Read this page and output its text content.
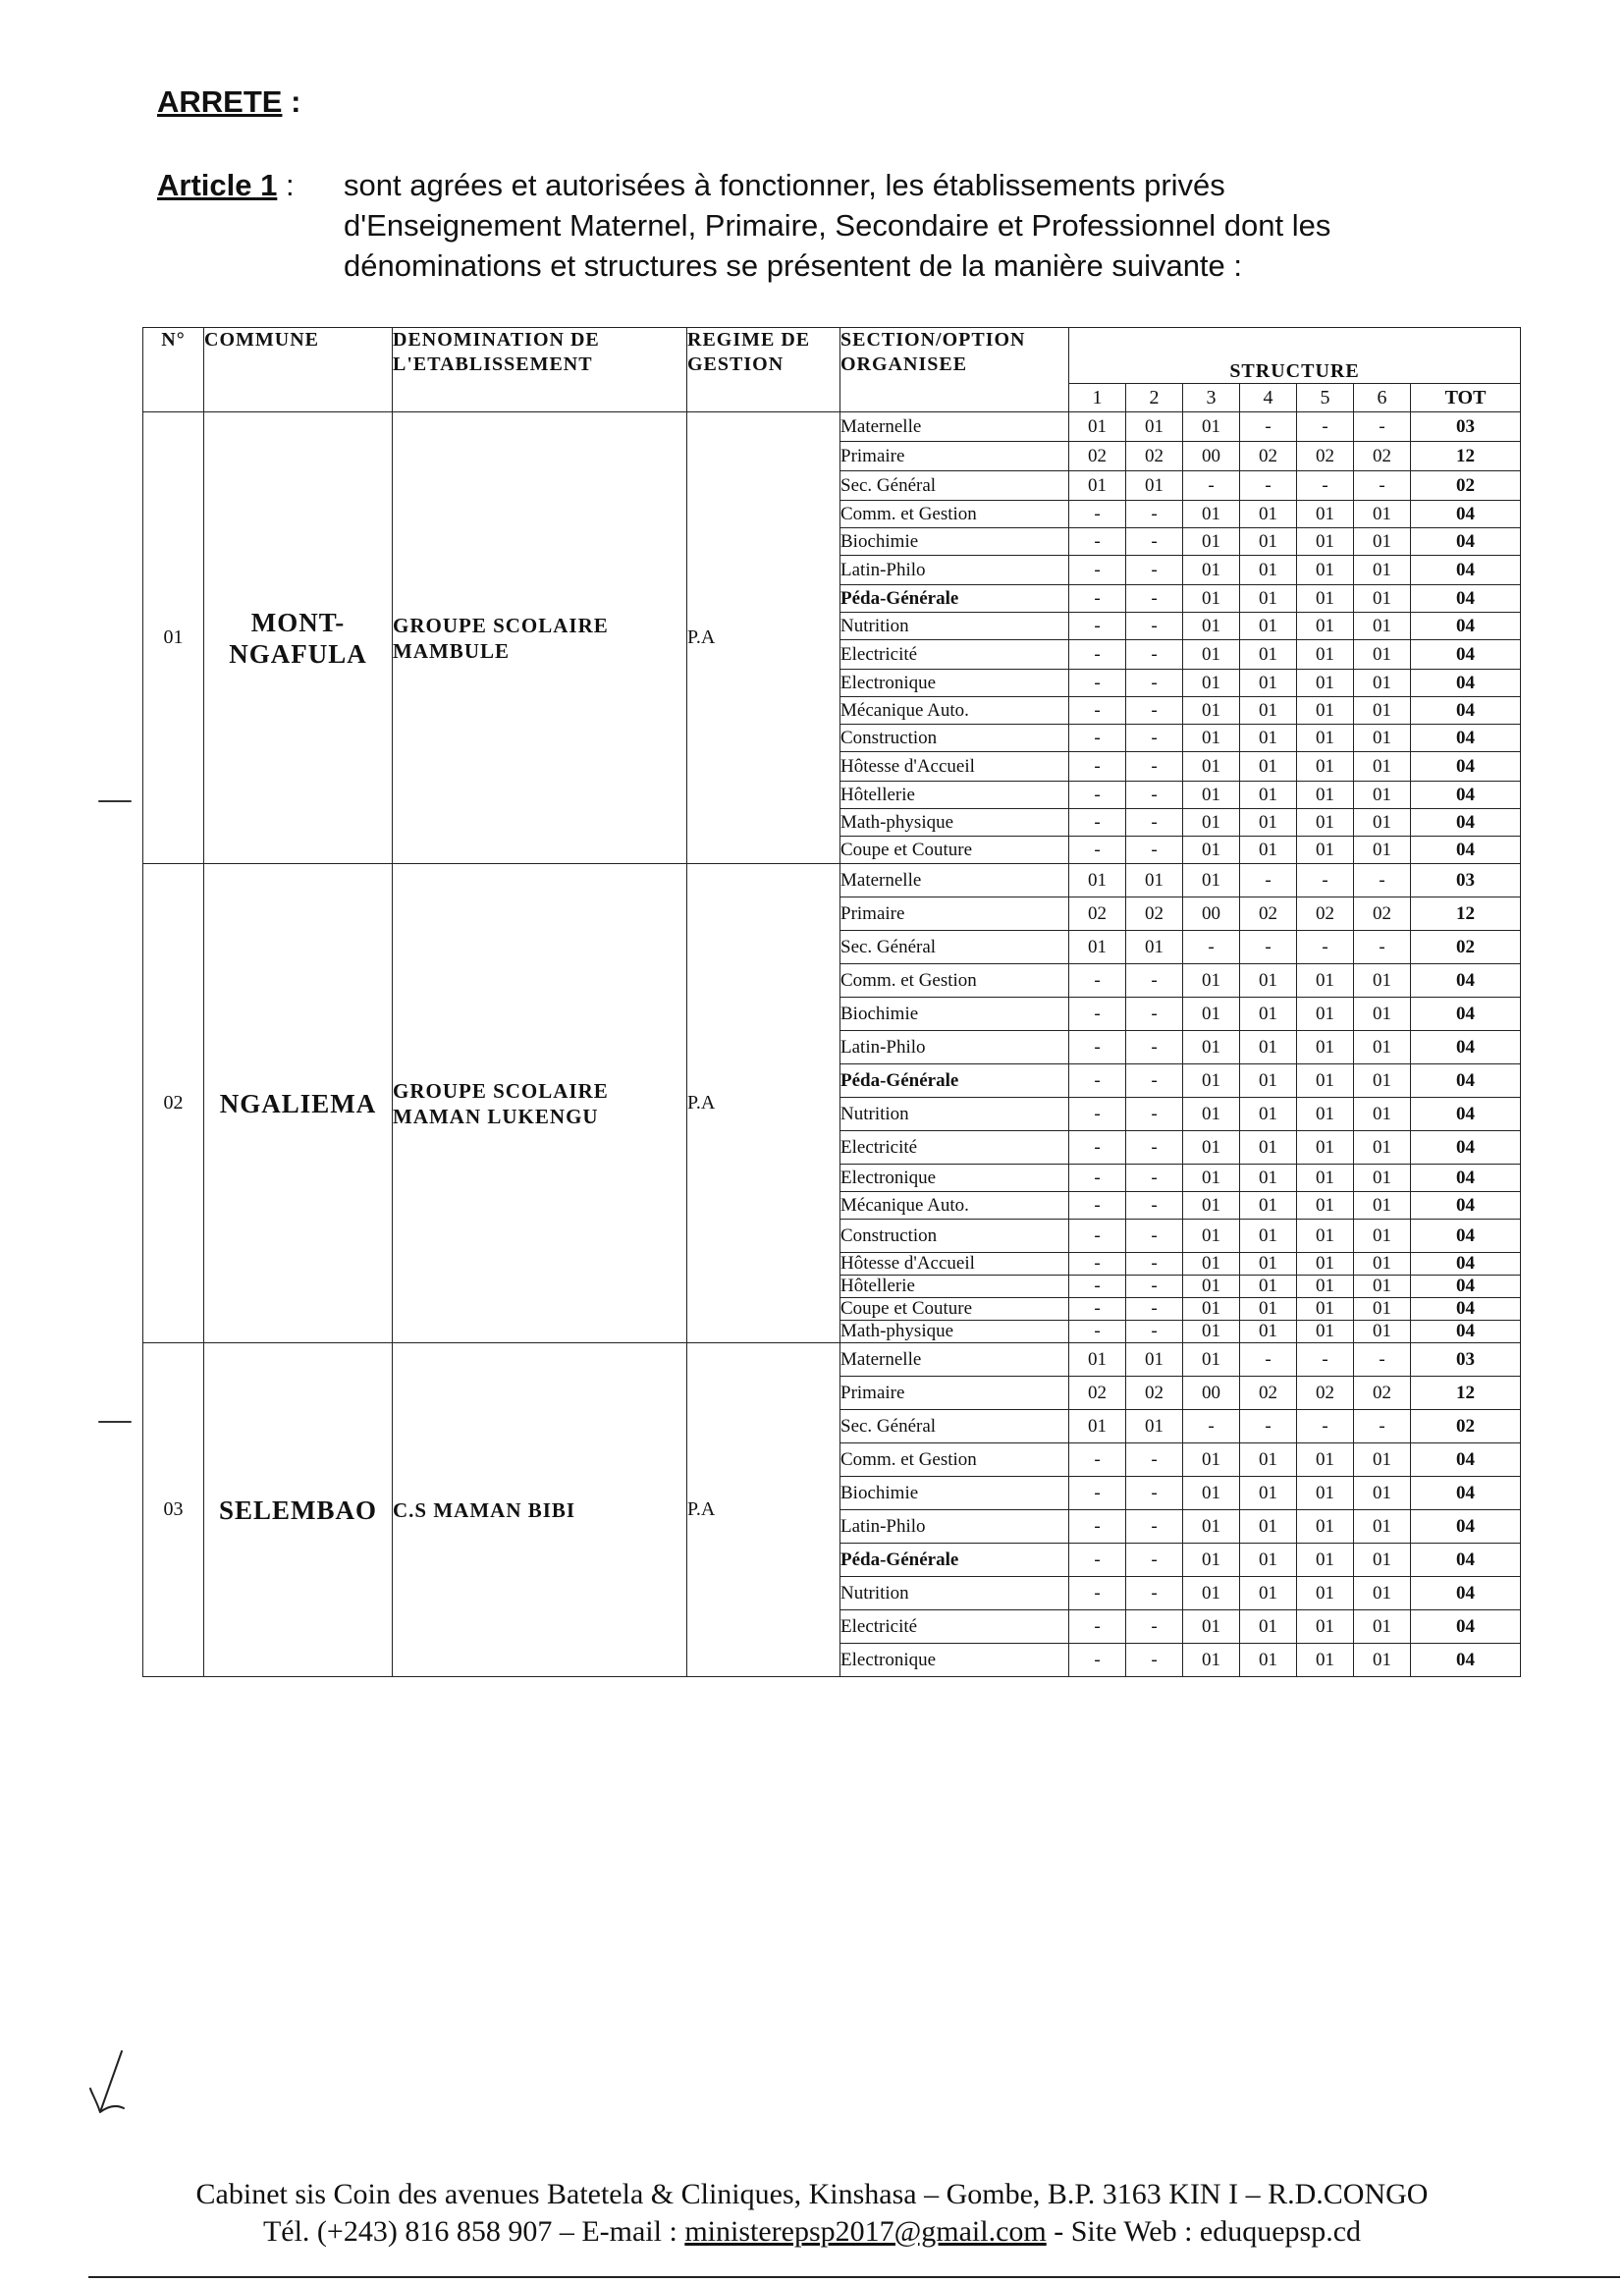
ARRETE :
Article 1 : sont agrées et autorisées à fonctionner, les établissements privés
d'Enseignement Maternel, Primaire, Secondaire et Professionnel dont les
dénominations et structures se présentent de la manière suivante :
N°	COMMUNE	DENOMINATION DE L'ETABLISSEMENT	REGIME DE GESTION	SECTION/OPTION ORGANISEE	STRUCTURE						
					1	2	3	4	5	6	TOT
01	MONT-NGAFULA	GROUPE SCOLAIRE MAMBULE	P.A	Maternelle	01	01	01	-	-	-	03
				Primaire	02	02	00	02	02	02	12
				Sec. Général	01	01	-	-	-	-	02
				Comm. et Gestion	-	-	01	01	01	01	04
				Biochimie	-	-	01	01	01	01	04
				Latin-Philo	-	-	01	01	01	01	04
				Péda-Générale	-	-	01	01	01	01	04
				Nutrition	-	-	01	01	01	01	04
				Electricité	-	-	01	01	01	01	04
				Electronique	-	-	01	01	01	01	04
				Mécanique Auto.	-	-	01	01	01	01	04
				Construction	-	-	01	01	01	01	04
				Hôtesse d'Accueil	-	-	01	01	01	01	04
				Hôtellerie	-	-	01	01	01	01	04
				Math-physique	-	-	01	01	01	01	04
				Coupe et Couture	-	-	01	01	01	01	04
02	NGALIEMA	GROUPE SCOLAIRE MAMAN LUKENGU	P.A	Maternelle	01	01	01	-	-	-	03
				Primaire	02	02	00	02	02	02	12
				Sec. Général	01	01	-	-	-	-	02
				Comm. et Gestion	-	-	01	01	01	01	04
				Biochimie	-	-	01	01	01	01	04
				Latin-Philo	-	-	01	01	01	01	04
				Péda-Générale	-	-	01	01	01	01	04
				Nutrition	-	-	01	01	01	01	04
				Electricité	-	-	01	01	01	01	04
				Electronique	-	-	01	01	01	01	04
				Mécanique Auto.	-	-	01	01	01	01	04
				Construction	-	-	01	01	01	01	04
				Hôtesse d'Accueil	-	-	01	01	01	01	04
				Hôtellerie	-	-	01	01	01	01	04
				Coupe et Couture	-	-	01	01	01	01	04
				Math-physique	-	-	01	01	01	01	04
03	SELEMBAO	C.S MAMAN BIBI	P.A	Maternelle	01	01	01	-	-	-	03
				Primaire	02	02	00	02	02	02	12
				Sec. Général	01	01	-	-	-	-	02
				Comm. et Gestion	-	-	01	01	01	01	04
				Biochimie	-	-	01	01	01	01	04
				Latin-Philo	-	-	01	01	01	01	04
				Péda-Générale	-	-	01	01	01	01	04
				Nutrition	-	-	01	01	01	01	04
				Electricité	-	-	01	01	01	01	04
				Electronique	-	-	01	01	01	01	04
Cabinet sis Coin des avenues Batetela & Cliniques, Kinshasa – Gombe, B.P. 3163 KIN I – R.D.CONGO
Tél. (+243) 816 858 907 – E-mail : ministerepsp2017@gmail.com - Site Web : eduquepsp.cd
